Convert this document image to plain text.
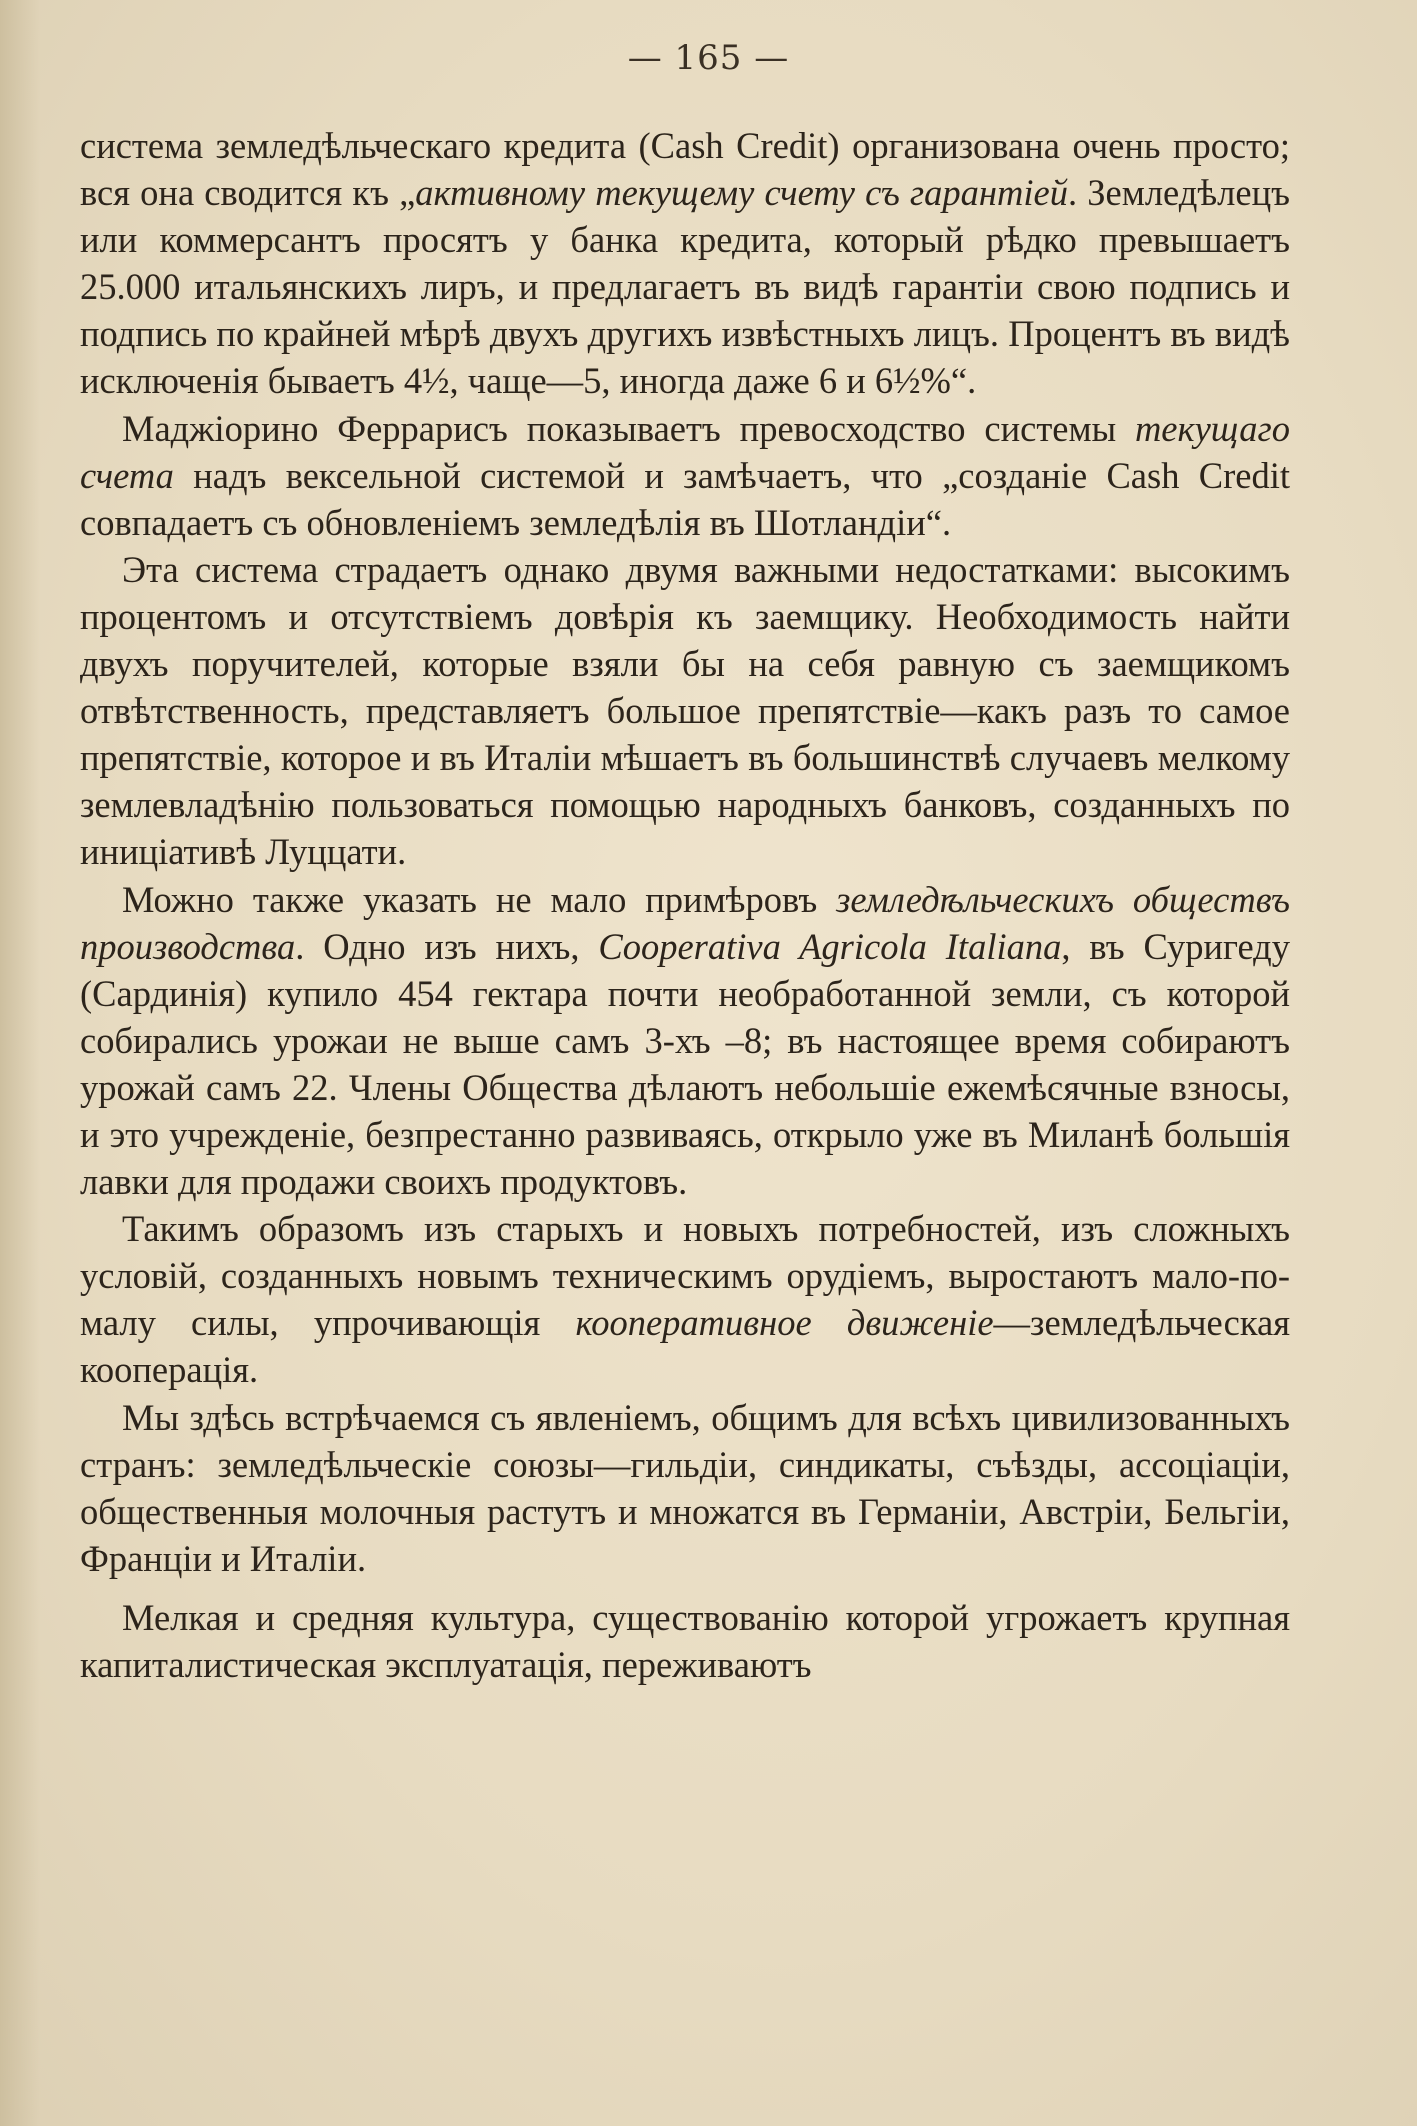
— 165 —

система земледѣльческаго кредита (Cash Credit) организована очень просто; вся она сводится къ „активному текущему счету съ гарантіей. Земледѣлецъ или коммерсантъ просятъ у банка кредита, который рѣдко превышаетъ 25.000 итальянскихъ лиръ, и предлагаетъ въ видѣ гарантіи свою подпись и подпись по крайней мѣрѣ двухъ другихъ извѣстныхъ лицъ. Процентъ въ видѣ исключенія бываетъ 4½, чаще—5, иногда даже 6 и 6½%“.

Маджіорино Феррарисъ показываетъ превосходство системы текущаго счета надъ вексельной системой и замѣчаетъ, что „созданіе Cash Credit совпадаетъ съ обновленіемъ земледѣлія въ Шотландіи“.

Эта система страдаетъ однако двумя важными недостатками: высокимъ процентомъ и отсутствіемъ довѣрія къ заемщику. Необходимость найти двухъ поручителей, которые взяли бы на себя равную съ заемщикомъ отвѣтственность, представляетъ большое препятствіе—какъ разъ то самое препятствіе, которое и въ Италіи мѣшаетъ въ большинствѣ случаевъ мелкому землевладѣнію пользоваться помощью народныхъ банковъ, созданныхъ по иниціативѣ Луццати.

Можно также указать не мало примѣровъ земледѣльческихъ обществъ производства. Одно изъ нихъ, Cooperativa Agricola Italiana, въ Суригеду (Сардинія) купило 454 гектара почти необработанной земли, съ которой собирались урожаи не выше самъ 3-хъ –8; въ настоящее время собираютъ урожай самъ 22. Члены Общества дѣлаютъ небольшіе ежемѣсячные взносы, и это учрежденіе, безпрестанно развиваясь, открыло уже въ Миланѣ большія лавки для продажи своихъ продуктовъ.

Такимъ образомъ изъ старыхъ и новыхъ потребностей, изъ сложныхъ условій, созданныхъ новымъ техническимъ орудіемъ, выростаютъ мало-по-малу силы, упрочивающія кооперативное движеніе—земледѣльческая кооперація.

Мы здѣсь встрѣчаемся съ явленіемъ, общимъ для всѣхъ цивилизованныхъ странъ: земледѣльческіе союзы—гильдіи, синдикаты, съѣзды, ассоціаціи, общественныя молочныя растутъ и множатся въ Германіи, Австріи, Бельгіи, Франціи и Италіи.

Мелкая и средняя культура, существованію которой угрожаетъ крупная капиталистическая эксплуатація, переживаютъ
